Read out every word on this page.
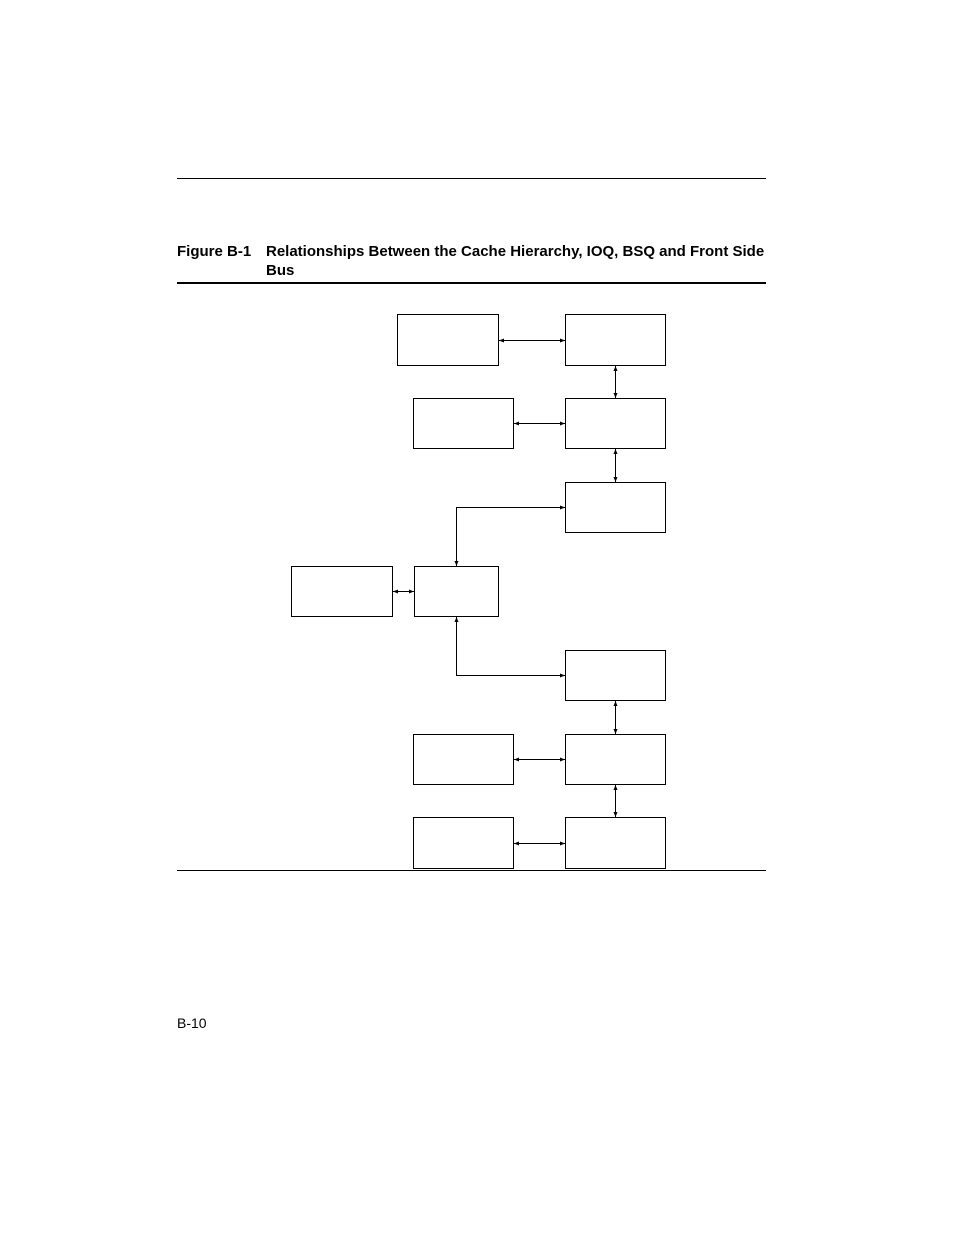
Figure B-1 Relationships Between the Cache Hierarchy, IOQ, BSQ and Front Side Bus
B-10
